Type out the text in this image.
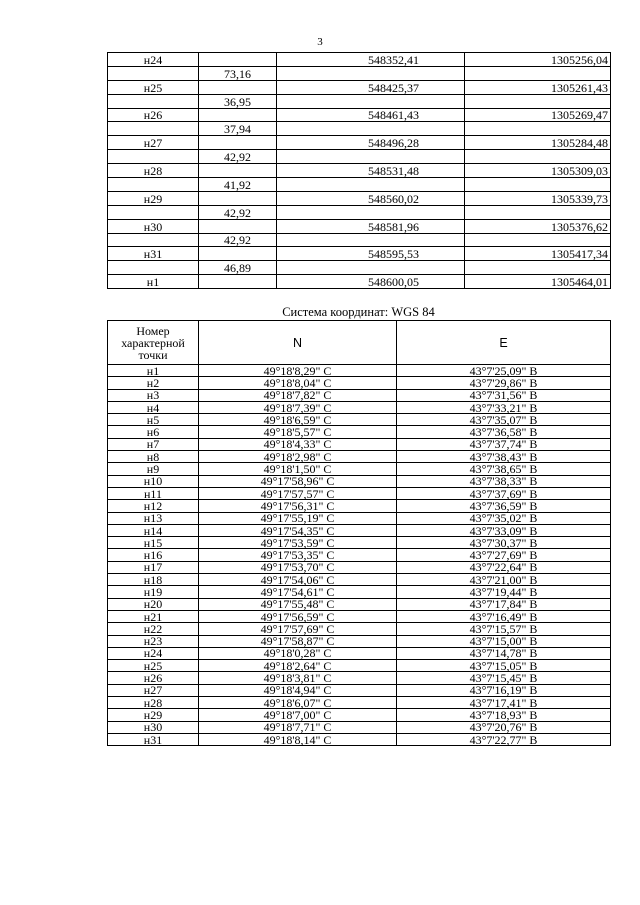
3
н24		548352,41	1305256,04
	73,16		
н25		548425,37	1305261,43
	36,95		
н26		548461,43	1305269,47
	37,94		
н27		548496,28	1305284,48
	42,92		
н28		548531,48	1305309,03
	41,92		
н29		548560,02	1305339,73
	42,92		
н30		548581,96	1305376,62
	42,92		
н31		548595,53	1305417,34
	46,89		
н1		548600,05	1305464,01
Система координат: WGS 84
Номер характерной точки	N	E
н1	49°18'8,29" С	43°7'25,09" В
н2	49°18'8,04" С	43°7'29,86" В
н3	49°18'7,82" С	43°7'31,56" В
н4	49°18'7,39" С	43°7'33,21" В
н5	49°18'6,59" С	43°7'35,07" В
н6	49°18'5,57" С	43°7'36,58" В
н7	49°18'4,33" С	43°7'37,74" В
н8	49°18'2,98" С	43°7'38,43" В
н9	49°18'1,50" С	43°7'38,65" В
н10	49°17'58,96" С	43°7'38,33" В
н11	49°17'57,57" С	43°7'37,69" В
н12	49°17'56,31" С	43°7'36,59" В
н13	49°17'55,19" С	43°7'35,02" В
н14	49°17'54,35" С	43°7'33,09" В
н15	49°17'53,59" С	43°7'30,37" В
н16	49°17'53,35" С	43°7'27,69" В
н17	49°17'53,70" С	43°7'22,64" В
н18	49°17'54,06" С	43°7'21,00" В
н19	49°17'54,61" С	43°7'19,44" В
н20	49°17'55,48" С	43°7'17,84" В
н21	49°17'56,59" С	43°7'16,49" В
н22	49°17'57,69" С	43°7'15,57" В
н23	49°17'58,87" С	43°7'15,00" В
н24	49°18'0,28" С	43°7'14,78" В
н25	49°18'2,64" С	43°7'15,05" В
н26	49°18'3,81" С	43°7'15,45" В
н27	49°18'4,94" С	43°7'16,19" В
н28	49°18'6,07" С	43°7'17,41" В
н29	49°18'7,00" С	43°7'18,93" В
н30	49°18'7,71" С	43°7'20,76" В
н31	49°18'8,14" С	43°7'22,77" В
